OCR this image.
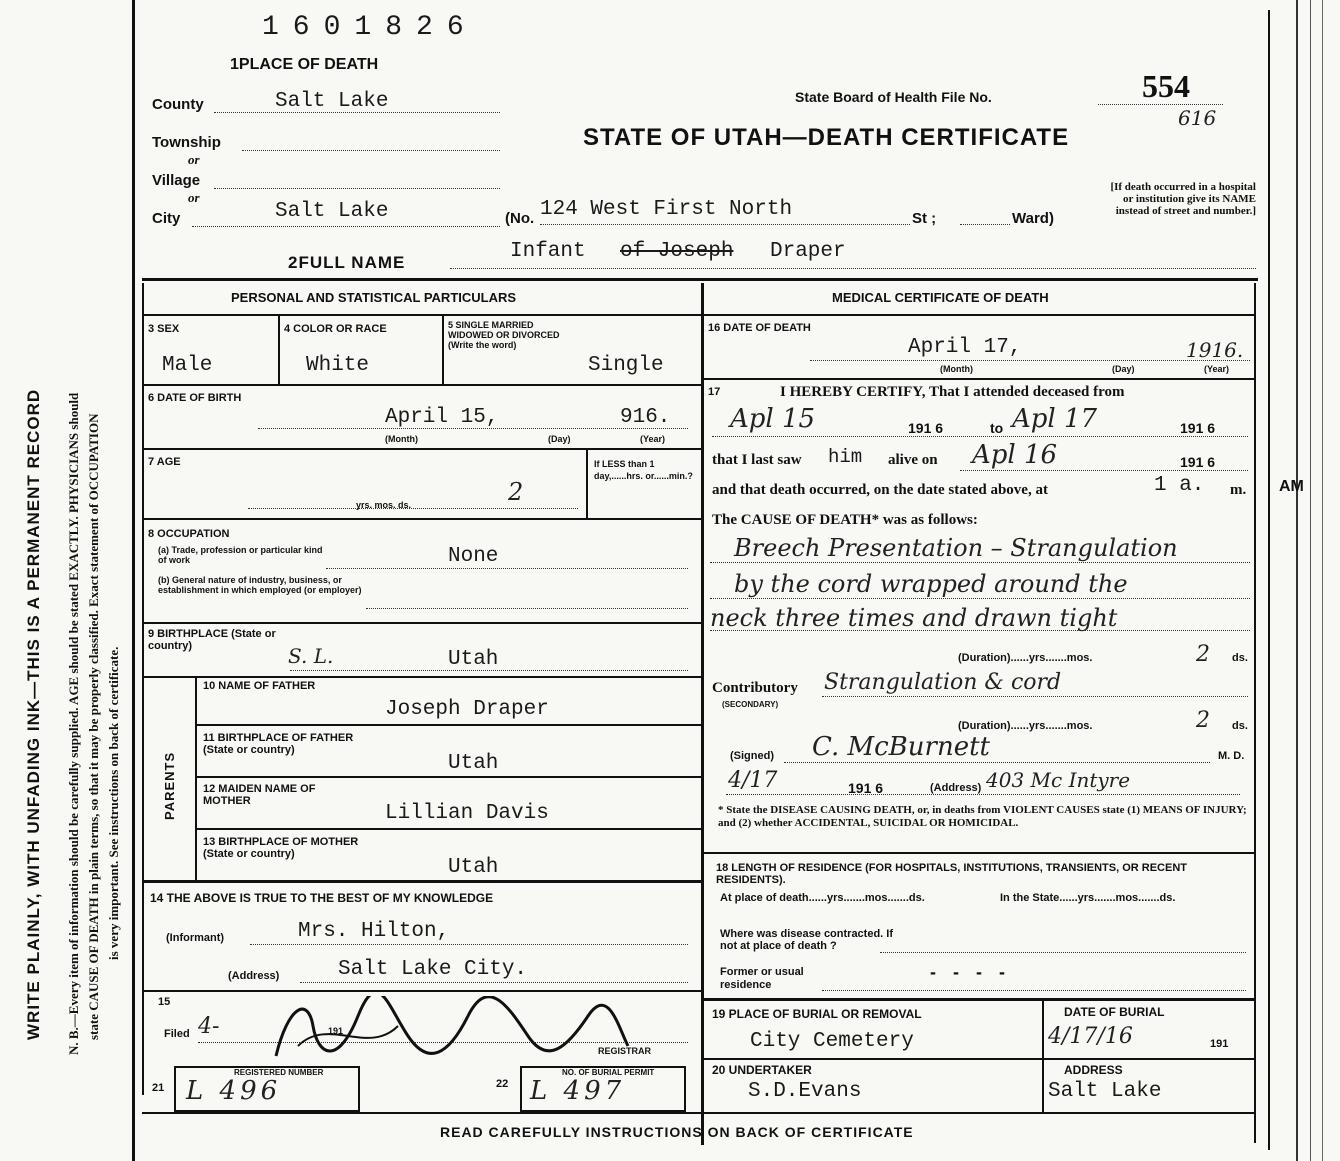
AM
WRITE PLAINLY, WITH UNFADING INK—THIS IS A PERMANENT RECORD N. B.—Every item of information should be carefully supplied. AGE should be stated EXACTLY. PHYSICIANS should state CAUSE OF DEATH in plain terms, so that it may be properly classified. Exact statement of OCCUPATION is very important. See instructions on back of certificate.
1601826
1PLACE OF DEATH
County	Salt Lake
Township
or
Village
or
City	Salt Lake	(No. 124 West First North	St ;	Ward)
State Board of Health File No.	554
616
STATE OF UTAH—DEATH CERTIFICATE
[If death occurred in a hospital or institution give its NAME instead of street and number.]
2FULL NAME	Infant of Joseph Draper
PERSONAL AND STATISTICAL PARTICULARS
3 SEX
Male
4 COLOR OR RACE
White
5 SINGLE MARRIED WIDOWED OR DIVORCED (Write the word)
Single
6 DATE OF BIRTH
April 15,	916.
(Month)	(Day)	(Year)
7 AGE
yrs. mos. ds.	2
If LESS than 1 day,......hrs. or......min.?
8 OCCUPATION
(a) Trade, profession or particular kind of work	None
(b) General nature of industry, business, or establishment in which employed (or employer)
9 BIRTHPLACE (State or country)	S. L.	Utah
PARENTS
10 NAME OF FATHER
Joseph Draper
11 BIRTHPLACE OF FATHER (State or country)
Utah
12 MAIDEN NAME OF MOTHER
Lillian Davis
13 BIRTHPLACE OF MOTHER (State or country)
Utah
14 THE ABOVE IS TRUE TO THE BEST OF MY KNOWLEDGE
(Informant)	Mrs. Hilton,
(Address)	Salt Lake City.
15
Filed 4-	191
REGISTRAR
21
REGISTERED NUMBER
L 496	22
NO. OF BURIAL PERMIT
L 497
MEDICAL CERTIFICATE OF DEATH
16 DATE OF DEATH
April 17,	1916.
(Month)	(Day)	(Year)
17	I HEREBY CERTIFY, That I attended deceased from
Apl 15	191 6	to Apl 17	191 6
that I last saw him alive on Apl 16	191 6
and that death occurred, on the date stated above, at	1 a. m.
The CAUSE OF DEATH* was as follows:
Breech Presentation – Strangulation
by the cord wrapped around the
neck three times and drawn tight
(Duration)......yrs.......mos.	2 ds.
Contributory
(SECONDARY)
Strangulation & cord
(Duration)......yrs.......mos.	2 ds.
(Signed) C. McBurnett	M. D.
4/17	191 6	(Address) 403 Mc Intyre
* State the DISEASE CAUSING DEATH, or, in deaths from VIOLENT CAUSES state (1) MEANS OF INJURY; and (2) whether ACCIDENTAL, SUICIDAL OR HOMICIDAL.
18 LENGTH OF RESIDENCE (FOR HOSPITALS, INSTITUTIONS, TRANSIENTS, OR RECENT RESIDENTS).
At place of death......yrs.......mos.......ds.	In the State......yrs.......mos.......ds.
Where was disease contracted. If not at place of death ?
Former or usual residence
- - - -
19 PLACE OF BURIAL OR REMOVAL
City Cemetery
DATE OF BURIAL
4/17/16	191
20 UNDERTAKER
S.D.Evans
ADDRESS
Salt Lake
READ CAREFULLY INSTRUCTIONS ON BACK OF CERTIFICATE
